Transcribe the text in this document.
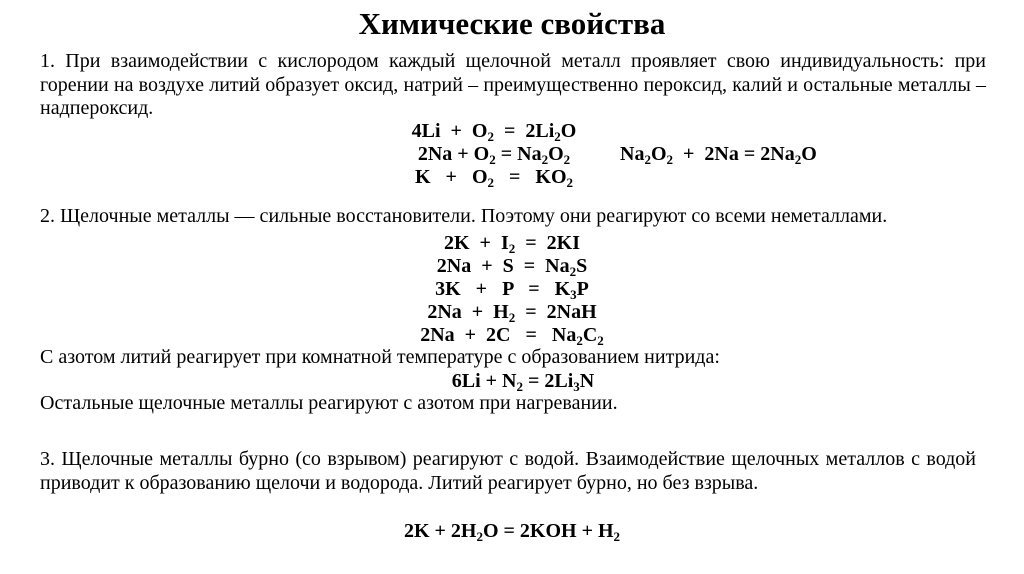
Химические свойства

1. При взаимодействии с кислородом каждый щелочной металл проявляет свою индивидуальность: при горении на воздухе литий образует оксид, натрий – преимущественно пероксид, калий и остальные металлы – надпероксид.

$4Li + O_2 = 2Li_2O$
$2Na + O_2 = Na_2O_2$ $Na_2O_2 + 2Na = 2Na_2O$
$K + O_2 = KO_2$

2. Щелочные металлы — сильные восстановители. Поэтому они реагируют со всеми неметаллами.

$2K + I_2 = 2KI$
$2Na + S = Na_2S$
$3K + P = K_3P$
$2Na + H_2 = 2NaH$
$2Na + 2C = Na_2C_2$

С азотом литий реагирует при комнатной температуре с образованием нитрида:

$6Li + N_2 = 2Li_3N$

Остальные щелочные металлы реагируют с азотом при нагревании.

3. Щелочные металлы бурно (со взрывом) реагируют с водой. Взаимодействие щелочных металлов с водой приводит к образованию щелочи и водорода. Литий реагирует бурно, но без взрыва.

$2K + 2H_2O = 2KOH + H_2$
